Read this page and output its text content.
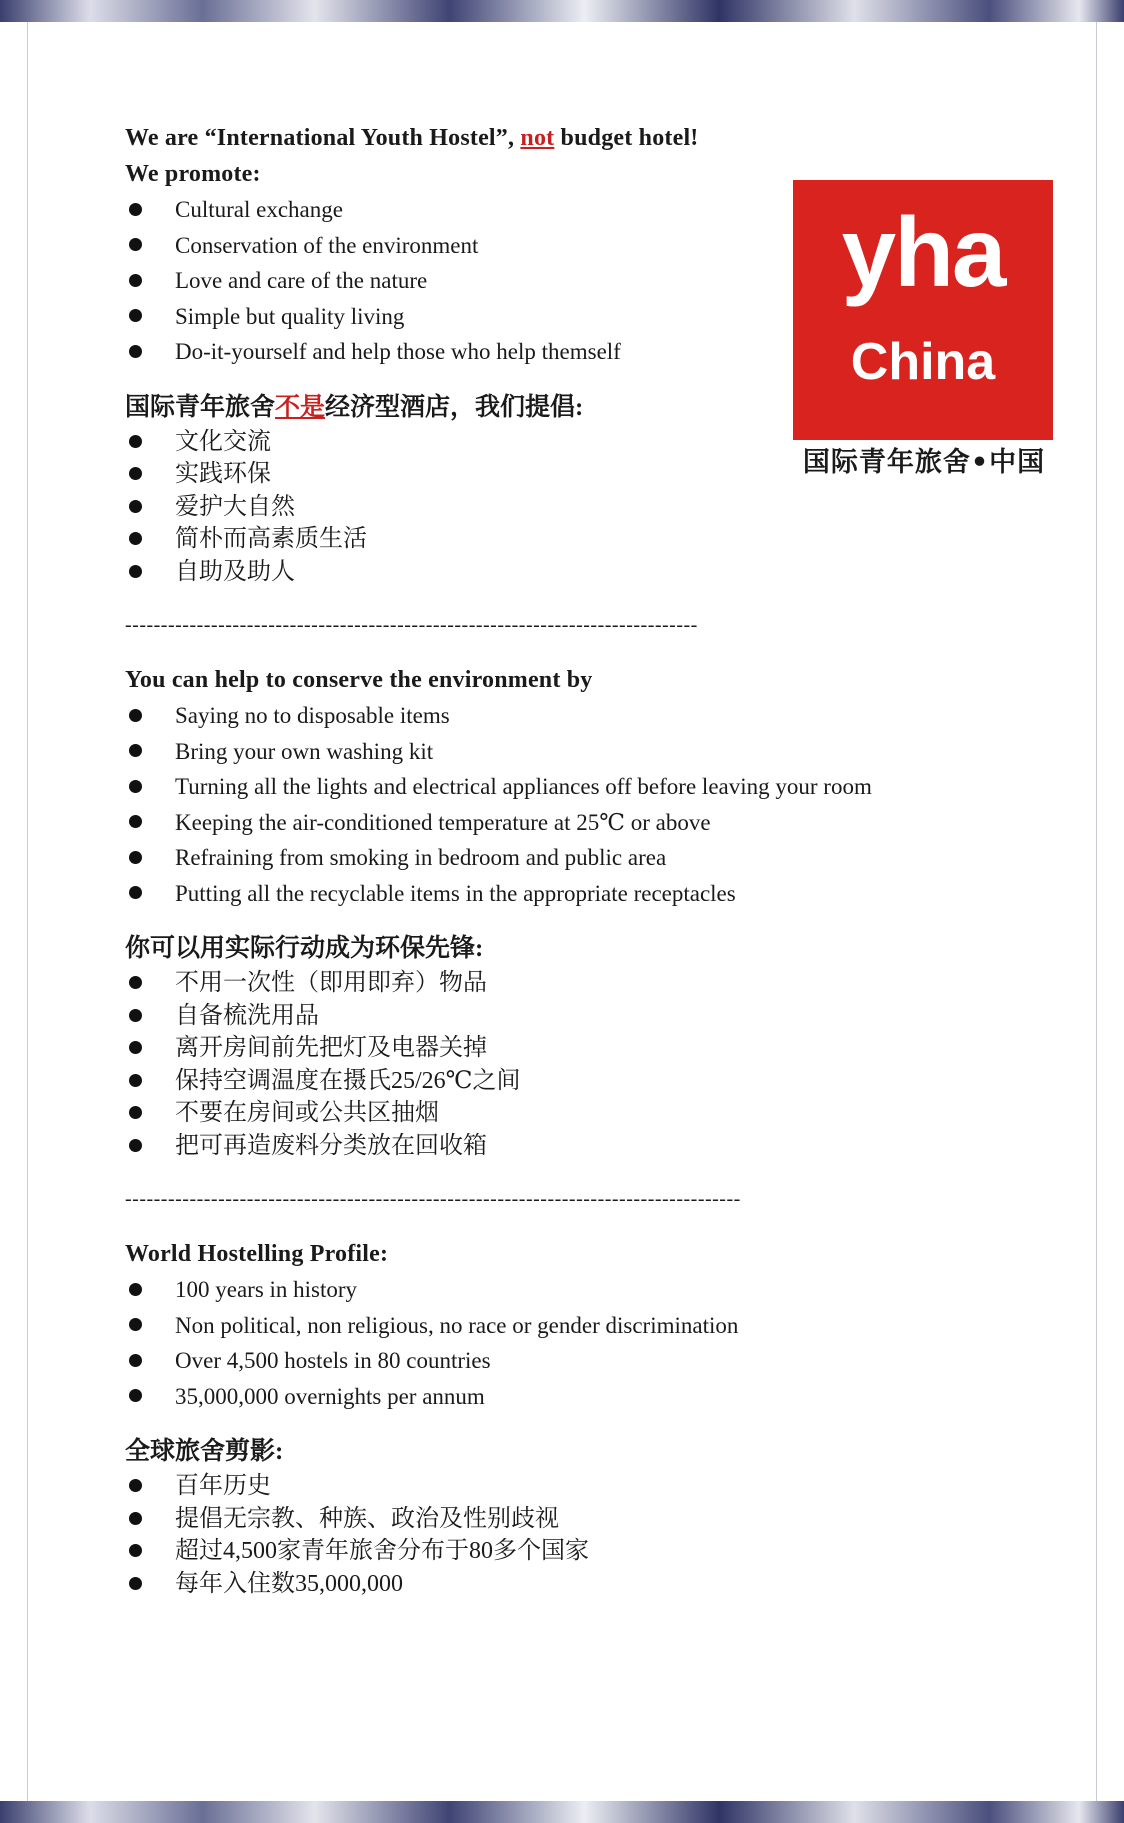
yha
China
国际青年旅舍•中国
We are “International Youth Hostel”, not budget hotel!
We promote:
Cultural exchange
Conservation of the environment
Love and care of the nature
Simple but quality living
Do-it-yourself and help those who help themself
国际青年旅舍不是经济型酒店，我们提倡:
文化交流
实践环保
爱护大自然
简朴而高素质生活
自助及助人
--------------------------------------------------------------------------------
You can help to conserve the environment by
Saying no to disposable items
Bring your own washing kit
Turning all the lights and electrical appliances off before leaving your room
Keeping the air-conditioned temperature at 25℃ or above
Refraining from smoking in bedroom and public area
Putting all the recyclable items in the appropriate receptacles
你可以用实际行动成为环保先锋:
不用一次性（即用即弃）物品
自备梳洗用品
离开房间前先把灯及电器关掉
保持空调温度在摄氏25/26℃之间
不要在房间或公共区抽烟
把可再造废料分类放在回收箱
--------------------------------------------------------------------------------------
World Hostelling Profile:
100 years in history
Non political, non religious, no race or gender discrimination
Over 4,500 hostels in 80 countries
35,000,000 overnights per annum
全球旅舍剪影:
百年历史
提倡无宗教、种族、政治及性别歧视
超过4,500家青年旅舍分布于80多个国家
每年入住数35,000,000
